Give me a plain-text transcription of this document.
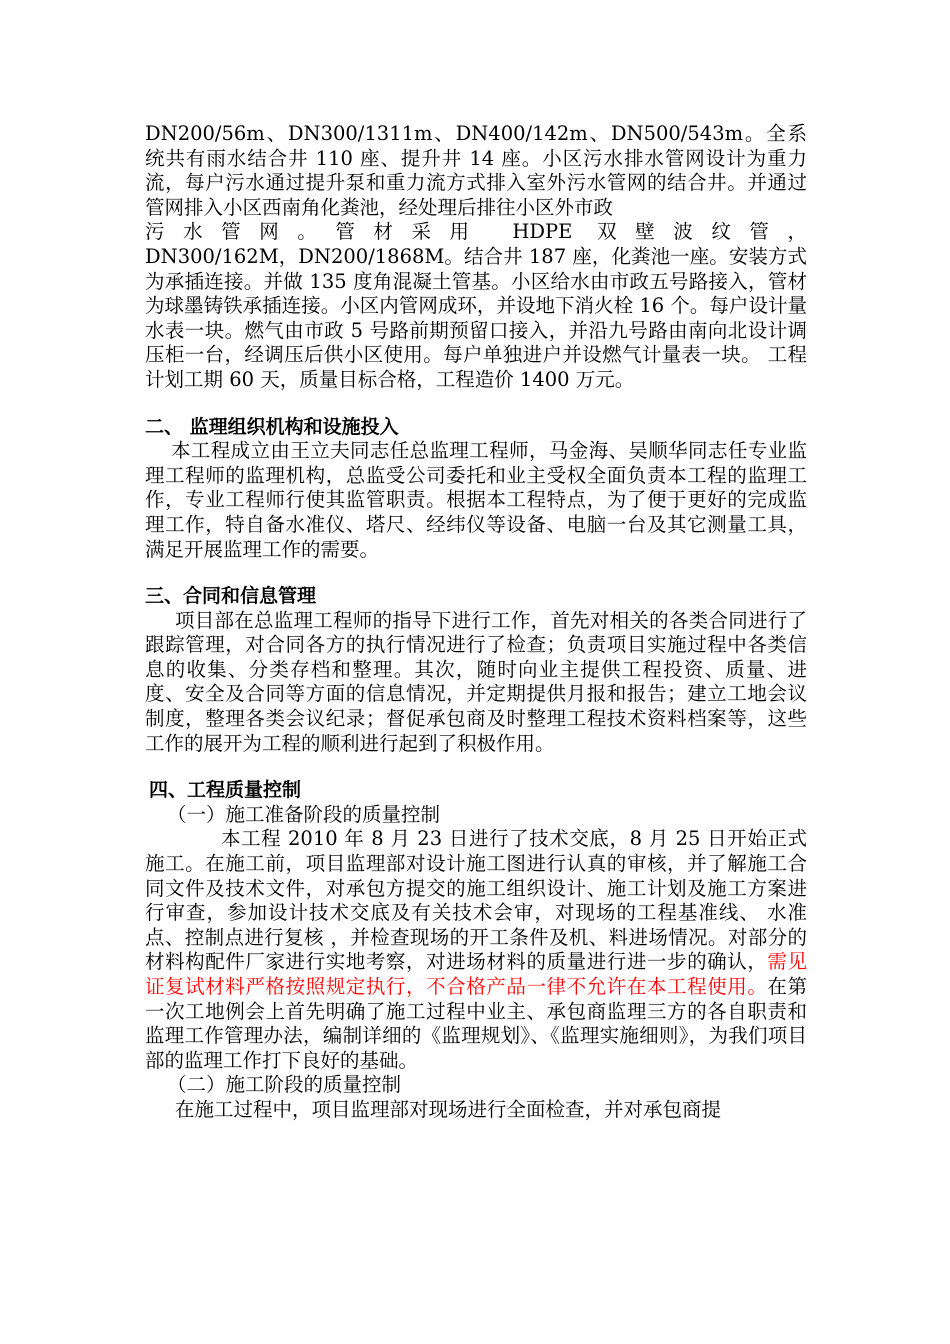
DN200/56m、DN300/1311m、DN400/142m、DN500/543m。全系统共有雨水结合井 110 座、提升井 14 座。小区污水排水管网设计为重力流，每户污水通过提升泵和重力流方式排入室外污水管网的结合井。并通过管网排入小区西南角化粪池，经处理后排往小区外市政

污水管网。管材采用 HDPE 双壁波纹管，

DN300/162M，DN200/1868M。结合井 187 座，化粪池一座。安装方式为承插连接。并做 135 度角混凝土管基。小区给水由市政五号路接入，管材为球墨铸铁承插连接。小区内管网成环，并设地下消火栓 16 个。每户设计量水表一块。燃气由市政 5 号路前期预留口接入，并沿九号路由南向北设计调压柜一台，经调压后供小区使用。每户单独进户并设燃气计量表一块。 工程计划工期 60 天，质量目标合格，工程造价 1400 万元。

二、 监理组织机构和设施投入

本工程成立由王立夫同志任总监理工程师，马金海、吴顺华同志任专业监理工程师的监理机构，总监受公司委托和业主受权全面负责本工程的监理工作，专业工程师行使其监管职责。根据本工程特点，为了便于更好的完成监理工作，特自备水准仪、塔尺、经纬仪等设备、电脑一台及其它测量工具，满足开展监理工作的需要。

三、合同和信息管理

项目部在总监理工程师的指导下进行工作，首先对相关的各类合同进行了跟踪管理，对合同各方的执行情况进行了检查；负责项目实施过程中各类信息的收集、分类存档和整理。其次，随时向业主提供工程投资、质量、进度、安全及合同等方面的信息情况，并定期提供月报和报告；建立工地会议制度，整理各类会议纪录；督促承包商及时整理工程技术资料档案等，这些工作的展开为工程的顺利进行起到了积极作用。

四、工程质量控制

（一）施工准备阶段的质量控制

本工程 2010 年 8 月 23 日进行了技术交底，8 月 25 日开始正式施工。在施工前，项目监理部对设计施工图进行认真的审核，并了解施工合同文件及技术文件，对承包方提交的施工组织设计、施工计划及施工方案进行审查，参加设计技术交底及有关技术会审，对现场的工程基准线、 水准点、控制点进行复核 ，并检查现场的开工条件及机、料进场情况。对部分的材料构配件厂家进行实地考察，对进场材料的质量进行进一步的确认，需见证复试材料严格按照规定执行，不合格产品一律不允许在本工程使用。在第一次工地例会上首先明确了施工过程中业主、承包商监理三方的各自职责和监理工作管理办法，编制详细的《监理规划》、《监理实施细则》，为我们项目部的监理工作打下良好的基础。

（二）施工阶段的质量控制

在施工过程中，项目监理部对现场进行全面检查，并对承包商提
